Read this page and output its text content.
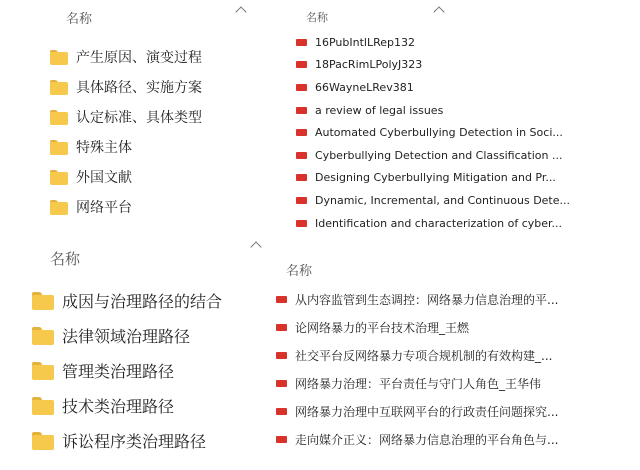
名称
产生原因、演变过程
具体路径、实施方案
认定标准、具体类型
特殊主体
外国文献
网络平台
名称
16PubIntlLRep132
18PacRimLPolyJ323
66WayneLRev381
a review of legal issues
Automated Cyberbullying Detection in Soci...
Cyberbullying Detection and Classification ...
Designing Cyberbullying Mitigation and Pr...
Dynamic, Incremental, and Continuous Dete...
Identification and characterization of cyber...
名称
成因与治理路径的结合
法律领域治理路径
管理类治理路径
技术类治理路径
诉讼程序类治理路径
名称
从内容监管到生态调控：网络暴力信息治理的平...
论网络暴力的平台技术治理_王燃
社交平台反网络暴力专项合规机制的有效构建_...
网络暴力治理：平台责任与守门人角色_王华伟
网络暴力治理中互联网平台的行政责任问题探究...
走向媒介正义：网络暴力信息治理的平台角色与...
